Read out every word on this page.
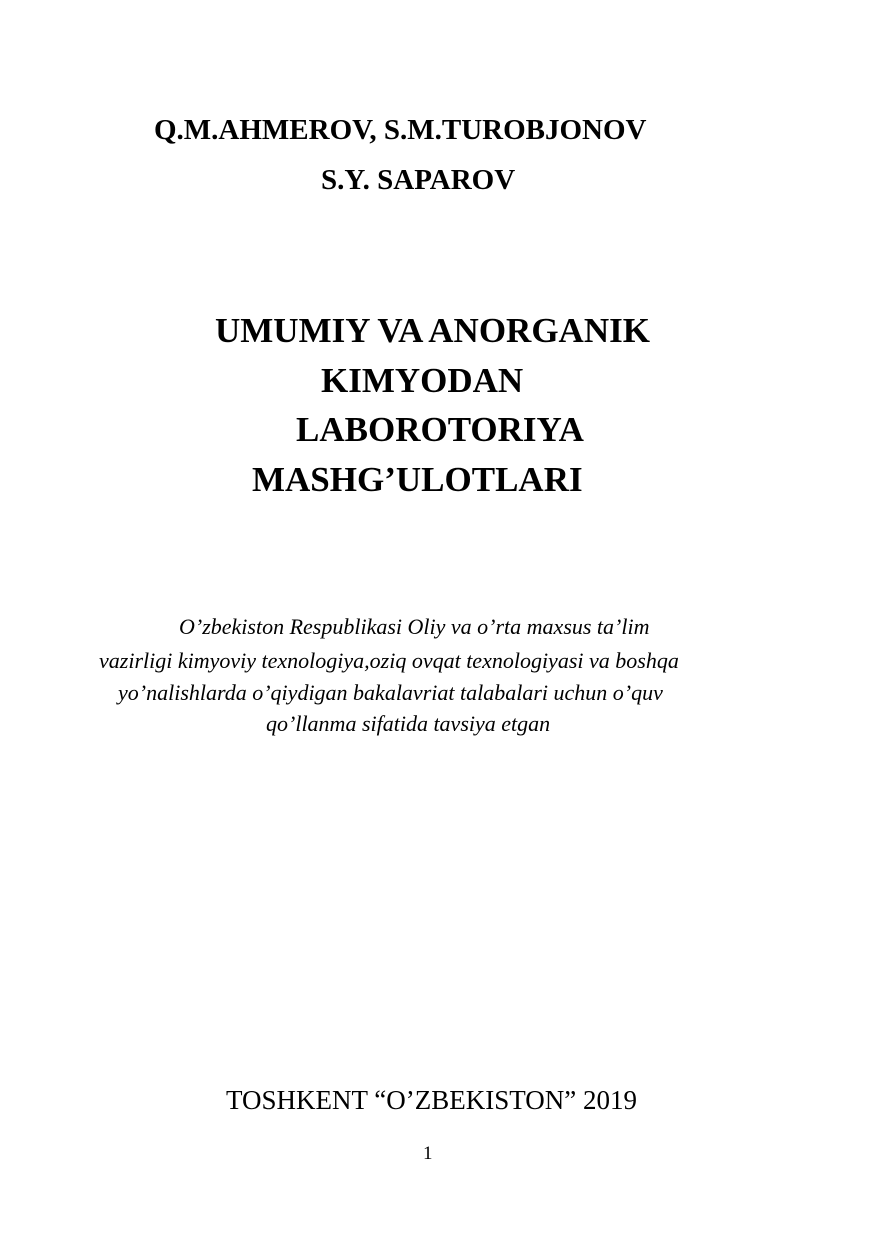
Q.M.AHMEROV, S.M.TUROBJONOV

S.Y. SAPAROV

UMUMIY VA ANORGANIK

KIMYODAN

LABOROTORIYA

MASHG’ULOTLARI

O’zbekiston Respublikasi Oliy va o’rta maxsus ta’lim

vazirligi kimyoviy texnologiya,oziq ovqat texnologiyasi va boshqa

yo’nalishlarda o’qiydigan bakalavriat talabalari uchun o’quv

qo’llanma sifatida tavsiya etgan

TOSHKENT “O’ZBEKISTON” 2019

1
